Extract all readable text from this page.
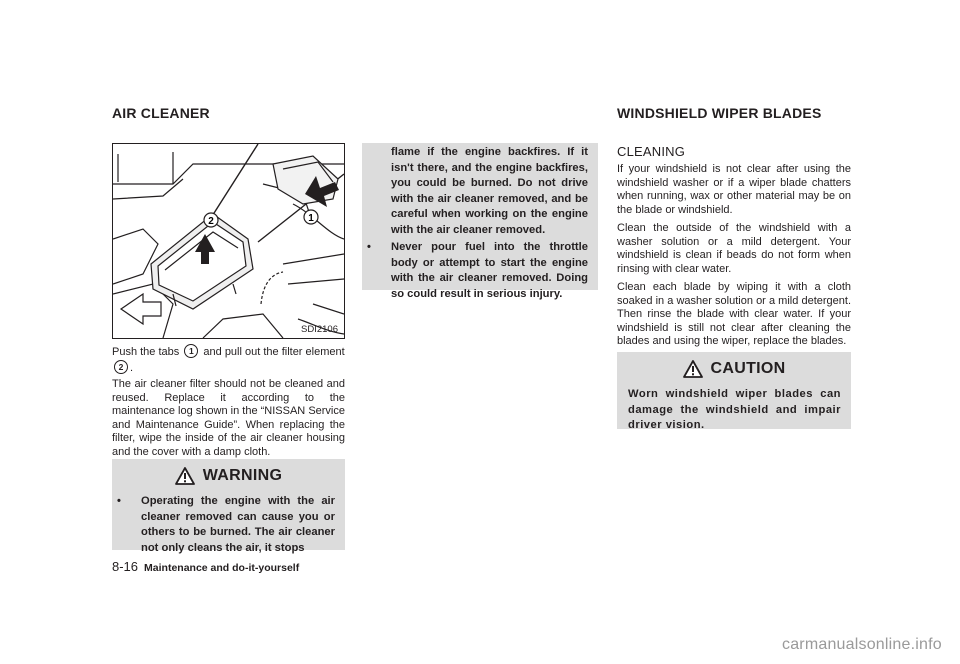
AIR CLEANER	WINDSHIELD WIPER BLADES
1
2
SDI2106
Push the tabs 1 and pull out the filter element
2 .
The air cleaner filter should not be cleaned and reused. Replace it according to the maintenance log shown in the “NISSAN Service and Maintenance Guide”. When replacing the filter, wipe the inside of the air cleaner housing and the cover with a damp cloth.
WARNING
•	Operating the engine with the air cleaner removed can cause you or others to be burned. The air cleaner not only cleans the air, it stops
flame if the engine backfires. If it isn't there, and the engine backfires, you could be burned. Do not drive with the air cleaner removed, and be careful when working on the engine with the air cleaner removed.
•	Never pour fuel into the throttle body or attempt to start the engine with the air cleaner removed. Doing so could result in serious injury.
CLEANING
If your windshield is not clear after using the windshield washer or if a wiper blade chatters when running, wax or other material may be on the blade or windshield.
Clean the outside of the windshield with a washer solution or a mild detergent. Your windshield is clean if beads do not form when rinsing with clear water.
Clean each blade by wiping it with a cloth soaked in a washer solution or a mild detergent. Then rinse the blade with clear water. If your windshield is still not clear after cleaning the blades and using the wiper, replace the blades.
CAUTION
Worn windshield wiper blades can damage the windshield and impair driver vision.
8-16 Maintenance and do-it-yourself
carmanualsonline.info
